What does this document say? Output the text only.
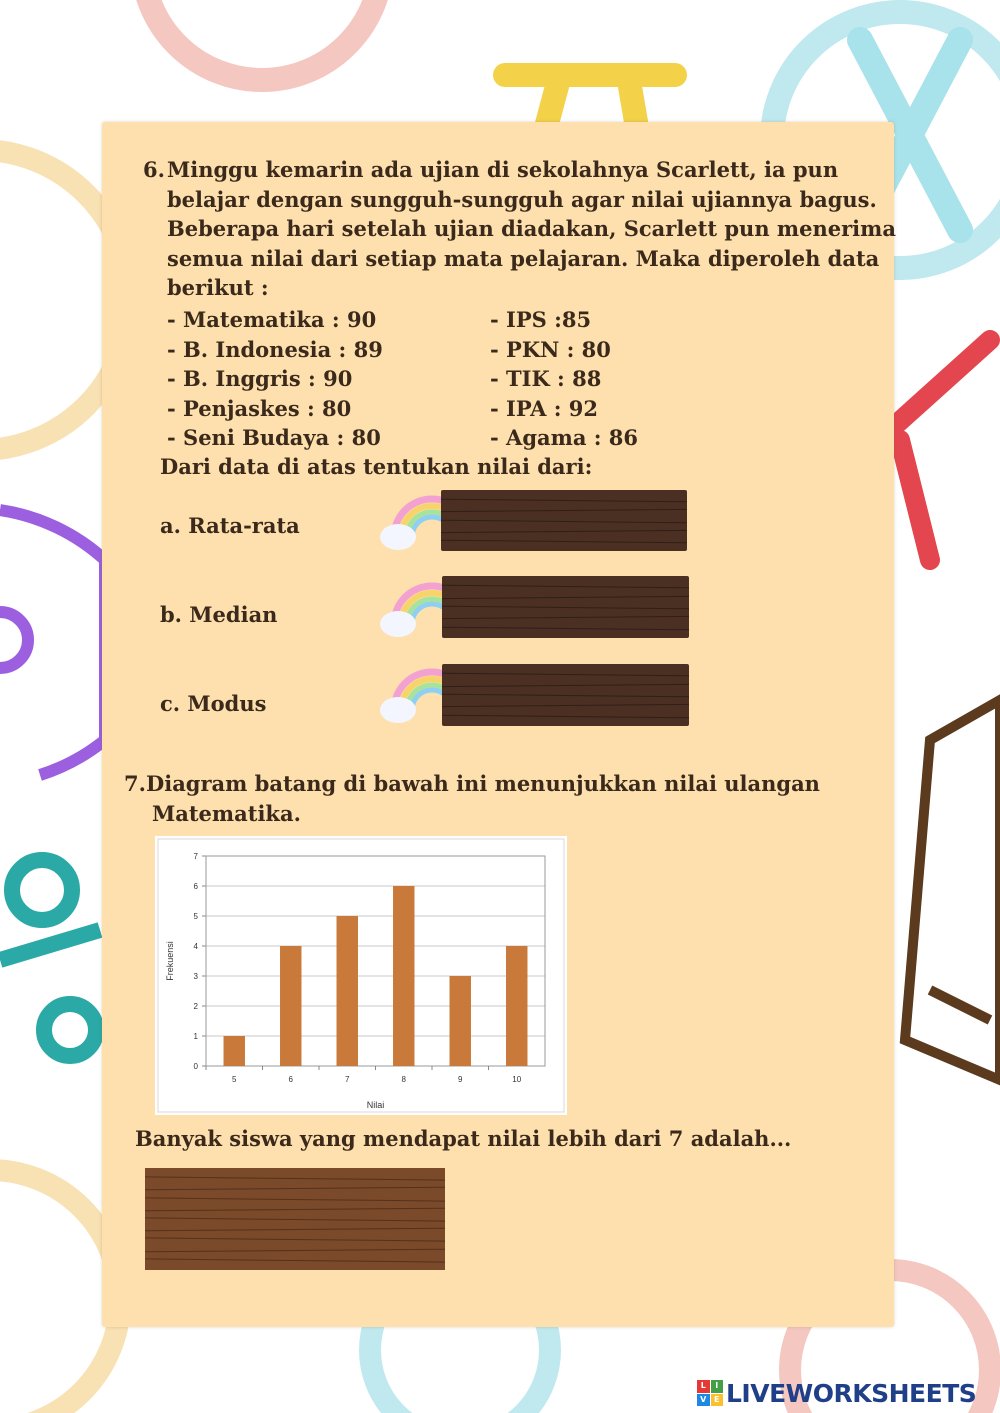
6. Minggu kemarin ada ujian di sekolahnya Scarlett, ia pun
belajar dengan sungguh-sungguh agar nilai ujiannya bagus.
Beberapa hari setelah ujian diadakan, Scarlett pun menerima
semua nilai dari setiap mata pelajaran. Maka diperoleh data
berikut :
- Matematika : 90
- B. Indonesia : 89
- B. Inggris : 90
- Penjaskes : 80
- Seni Budaya : 80
- IPS :85
- PKN : 80
- TIK : 88
- IPA : 92
- Agama : 86
Dari data di atas tentukan nilai dari:
a. Rata-rata
b. Median
c. Modus
7. Diagram batang di bawah ini menunjukkan nilai ulangan
Matematika.
0
1
2
3
4
5
6
7
5	6	7	8	9	10
Nilai
Frekuensi
Banyak siswa yang mendapat nilai lebih dari 7 adalah...
L	I
V E LIVEWORKSHEETS
